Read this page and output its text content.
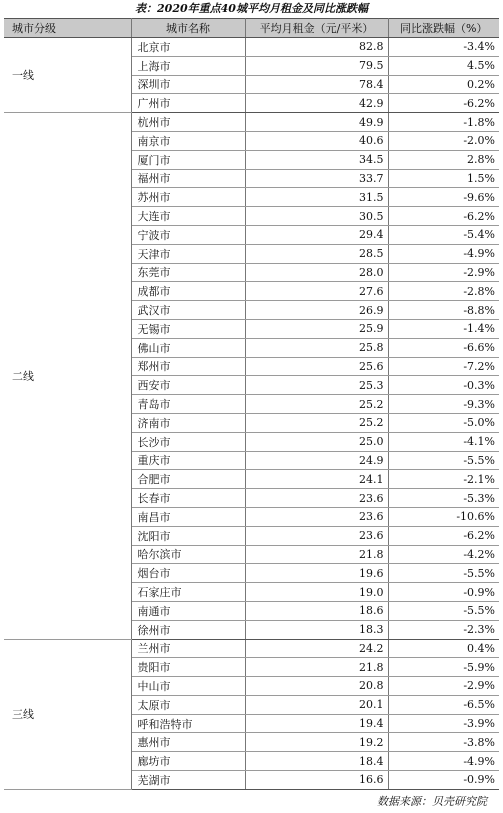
表：2020年重点40城平均月租金及同比涨跌幅
城市分级	城市名称	平均月租金（元/平米）	同比涨跌幅（%）
一线	北京市	82.8	-3.4%
	上海市	79.5	4.5%
	深圳市	78.4	0.2%
	广州市	42.9	-6.2%
二线	杭州市	49.9	-1.8%
	南京市	40.6	-2.0%
	厦门市	34.5	2.8%
	福州市	33.7	1.5%
	苏州市	31.5	-9.6%
	大连市	30.5	-6.2%
	宁波市	29.4	-5.4%
	天津市	28.5	-4.9%
	东莞市	28.0	-2.9%
	成都市	27.6	-2.8%
	武汉市	26.9	-8.8%
	无锡市	25.9	-1.4%
	佛山市	25.8	-6.6%
	郑州市	25.6	-7.2%
	西安市	25.3	-0.3%
	青岛市	25.2	-9.3%
	济南市	25.2	-5.0%
	长沙市	25.0	-4.1%
	重庆市	24.9	-5.5%
	合肥市	24.1	-2.1%
	长春市	23.6	-5.3%
	南昌市	23.6	-10.6%
	沈阳市	23.6	-6.2%
	哈尔滨市	21.8	-4.2%
	烟台市	19.6	-5.5%
	石家庄市	19.0	-0.9%
	南通市	18.6	-5.5%
	徐州市	18.3	-2.3%
三线	兰州市	24.2	0.4%
	贵阳市	21.8	-5.9%
	中山市	20.8	-2.9%
	太原市	20.1	-6.5%
	呼和浩特市	19.4	-3.9%
	惠州市	19.2	-3.8%
	廊坊市	18.4	-4.9%
	芜湖市	16.6	-0.9%
数据来源：贝壳研究院
